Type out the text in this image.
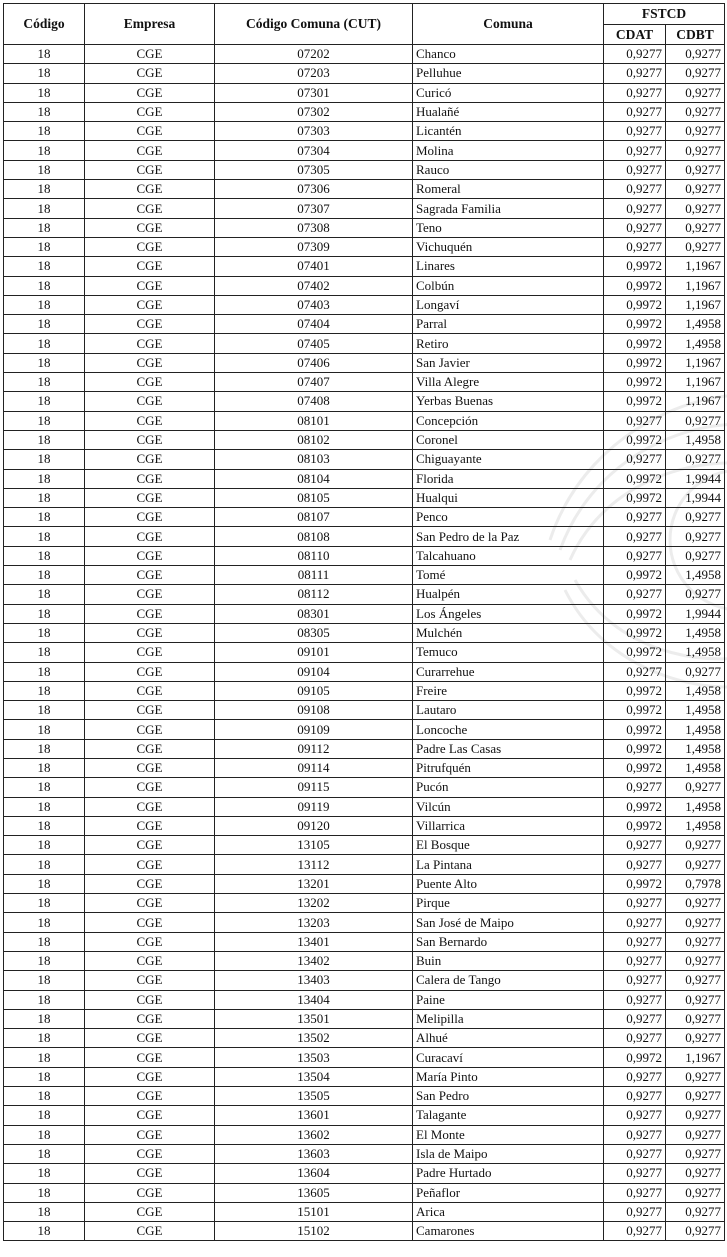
Código	Empresa	Código Comuna (CUT)	Comuna	FSTCD	
				CDAT	CDBT
18	CGE	07202	Chanco	0,9277	0,9277
18	CGE	07203	Pelluhue	0,9277	0,9277
18	CGE	07301	Curicó	0,9277	0,9277
18	CGE	07302	Hualañé	0,9277	0,9277
18	CGE	07303	Licantén	0,9277	0,9277
18	CGE	07304	Molina	0,9277	0,9277
18	CGE	07305	Rauco	0,9277	0,9277
18	CGE	07306	Romeral	0,9277	0,9277
18	CGE	07307	Sagrada Familia	0,9277	0,9277
18	CGE	07308	Teno	0,9277	0,9277
18	CGE	07309	Vichuquén	0,9277	0,9277
18	CGE	07401	Linares	0,9972	1,1967
18	CGE	07402	Colbún	0,9972	1,1967
18	CGE	07403	Longaví	0,9972	1,1967
18	CGE	07404	Parral	0,9972	1,4958
18	CGE	07405	Retiro	0,9972	1,4958
18	CGE	07406	San Javier	0,9972	1,1967
18	CGE	07407	Villa Alegre	0,9972	1,1967
18	CGE	07408	Yerbas Buenas	0,9972	1,1967
18	CGE	08101	Concepción	0,9277	0,9277
18	CGE	08102	Coronel	0,9972	1,4958
18	CGE	08103	Chiguayante	0,9277	0,9277
18	CGE	08104	Florida	0,9972	1,9944
18	CGE	08105	Hualqui	0,9972	1,9944
18	CGE	08107	Penco	0,9277	0,9277
18	CGE	08108	San Pedro de la Paz	0,9277	0,9277
18	CGE	08110	Talcahuano	0,9277	0,9277
18	CGE	08111	Tomé	0,9972	1,4958
18	CGE	08112	Hualpén	0,9277	0,9277
18	CGE	08301	Los Ángeles	0,9972	1,9944
18	CGE	08305	Mulchén	0,9972	1,4958
18	CGE	09101	Temuco	0,9972	1,4958
18	CGE	09104	Curarrehue	0,9277	0,9277
18	CGE	09105	Freire	0,9972	1,4958
18	CGE	09108	Lautaro	0,9972	1,4958
18	CGE	09109	Loncoche	0,9972	1,4958
18	CGE	09112	Padre Las Casas	0,9972	1,4958
18	CGE	09114	Pitrufquén	0,9972	1,4958
18	CGE	09115	Pucón	0,9277	0,9277
18	CGE	09119	Vilcún	0,9972	1,4958
18	CGE	09120	Villarrica	0,9972	1,4958
18	CGE	13105	El Bosque	0,9277	0,9277
18	CGE	13112	La Pintana	0,9277	0,9277
18	CGE	13201	Puente Alto	0,9972	0,7978
18	CGE	13202	Pirque	0,9277	0,9277
18	CGE	13203	San José de Maipo	0,9277	0,9277
18	CGE	13401	San Bernardo	0,9277	0,9277
18	CGE	13402	Buin	0,9277	0,9277
18	CGE	13403	Calera de Tango	0,9277	0,9277
18	CGE	13404	Paine	0,9277	0,9277
18	CGE	13501	Melipilla	0,9277	0,9277
18	CGE	13502	Alhué	0,9277	0,9277
18	CGE	13503	Curacaví	0,9972	1,1967
18	CGE	13504	María Pinto	0,9277	0,9277
18	CGE	13505	San Pedro	0,9277	0,9277
18	CGE	13601	Talagante	0,9277	0,9277
18	CGE	13602	El Monte	0,9277	0,9277
18	CGE	13603	Isla de Maipo	0,9277	0,9277
18	CGE	13604	Padre Hurtado	0,9277	0,9277
18	CGE	13605	Peñaflor	0,9277	0,9277
18	CGE	15101	Arica	0,9277	0,9277
18	CGE	15102	Camarones	0,9277	0,9277
